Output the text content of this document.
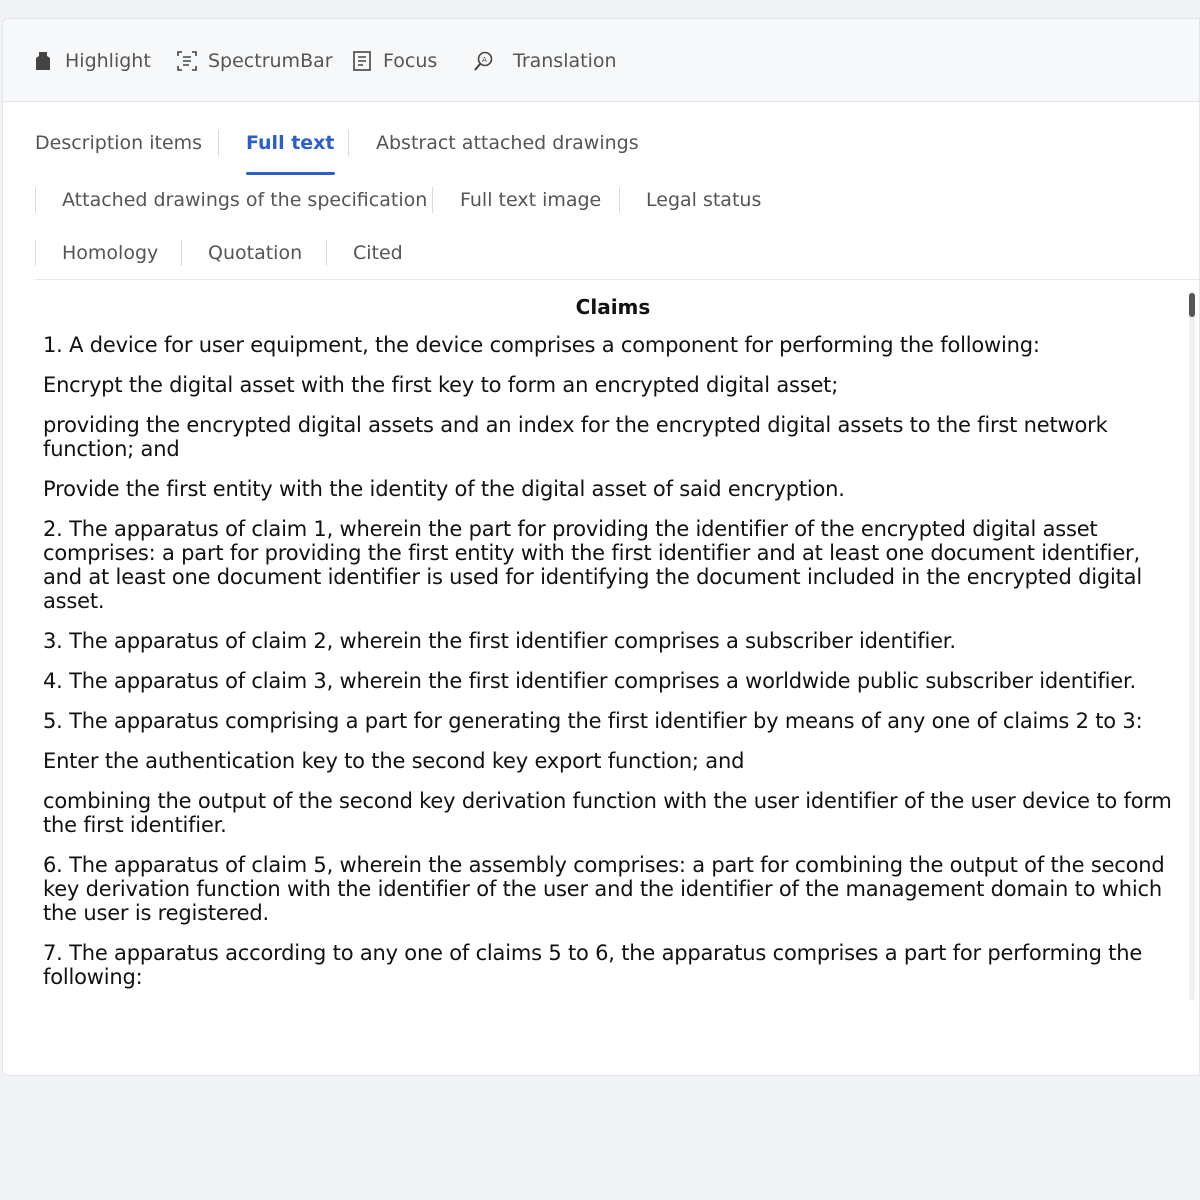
Highlight	SpectrumBar	Focus	A Translation
Description items Full text Abstract attached drawings
Attached drawings of the specification Full text image Legal status
Homology	Quotation	Cited
Claims

1. A device for user equipment, the device comprises a component for performing the following:

Encrypt the digital asset with the first key to form an encrypted digital asset;

providing the encrypted digital assets and an index for the encrypted digital assets to the first network function; and

Provide the first entity with the identity of the digital asset of said encryption.

2. The apparatus of claim 1, wherein the part for providing the identifier of the encrypted digital asset comprises: a part for providing the first entity with the first identifier and at least one document identifier, and at least one document identifier is used for identifying the document included in the encrypted digital asset.

3. The apparatus of claim 2, wherein the first identifier comprises a subscriber identifier.

4. The apparatus of claim 3, wherein the first identifier comprises a worldwide public subscriber identifier.

5. The apparatus comprising a part for generating the first identifier by means of any one of claims 2 to 3:

Enter the authentication key to the second key export function; and

combining the output of the second key derivation function with the user identifier of the user device to form the first identifier.

6. The apparatus of claim 5, wherein the assembly comprises: a part for combining the output of the second key derivation function with the identifier of the user and the identifier of the management domain to which the user is registered.

7. The apparatus according to any one of claims 5 to 6, the apparatus comprises a part for performing the following:
